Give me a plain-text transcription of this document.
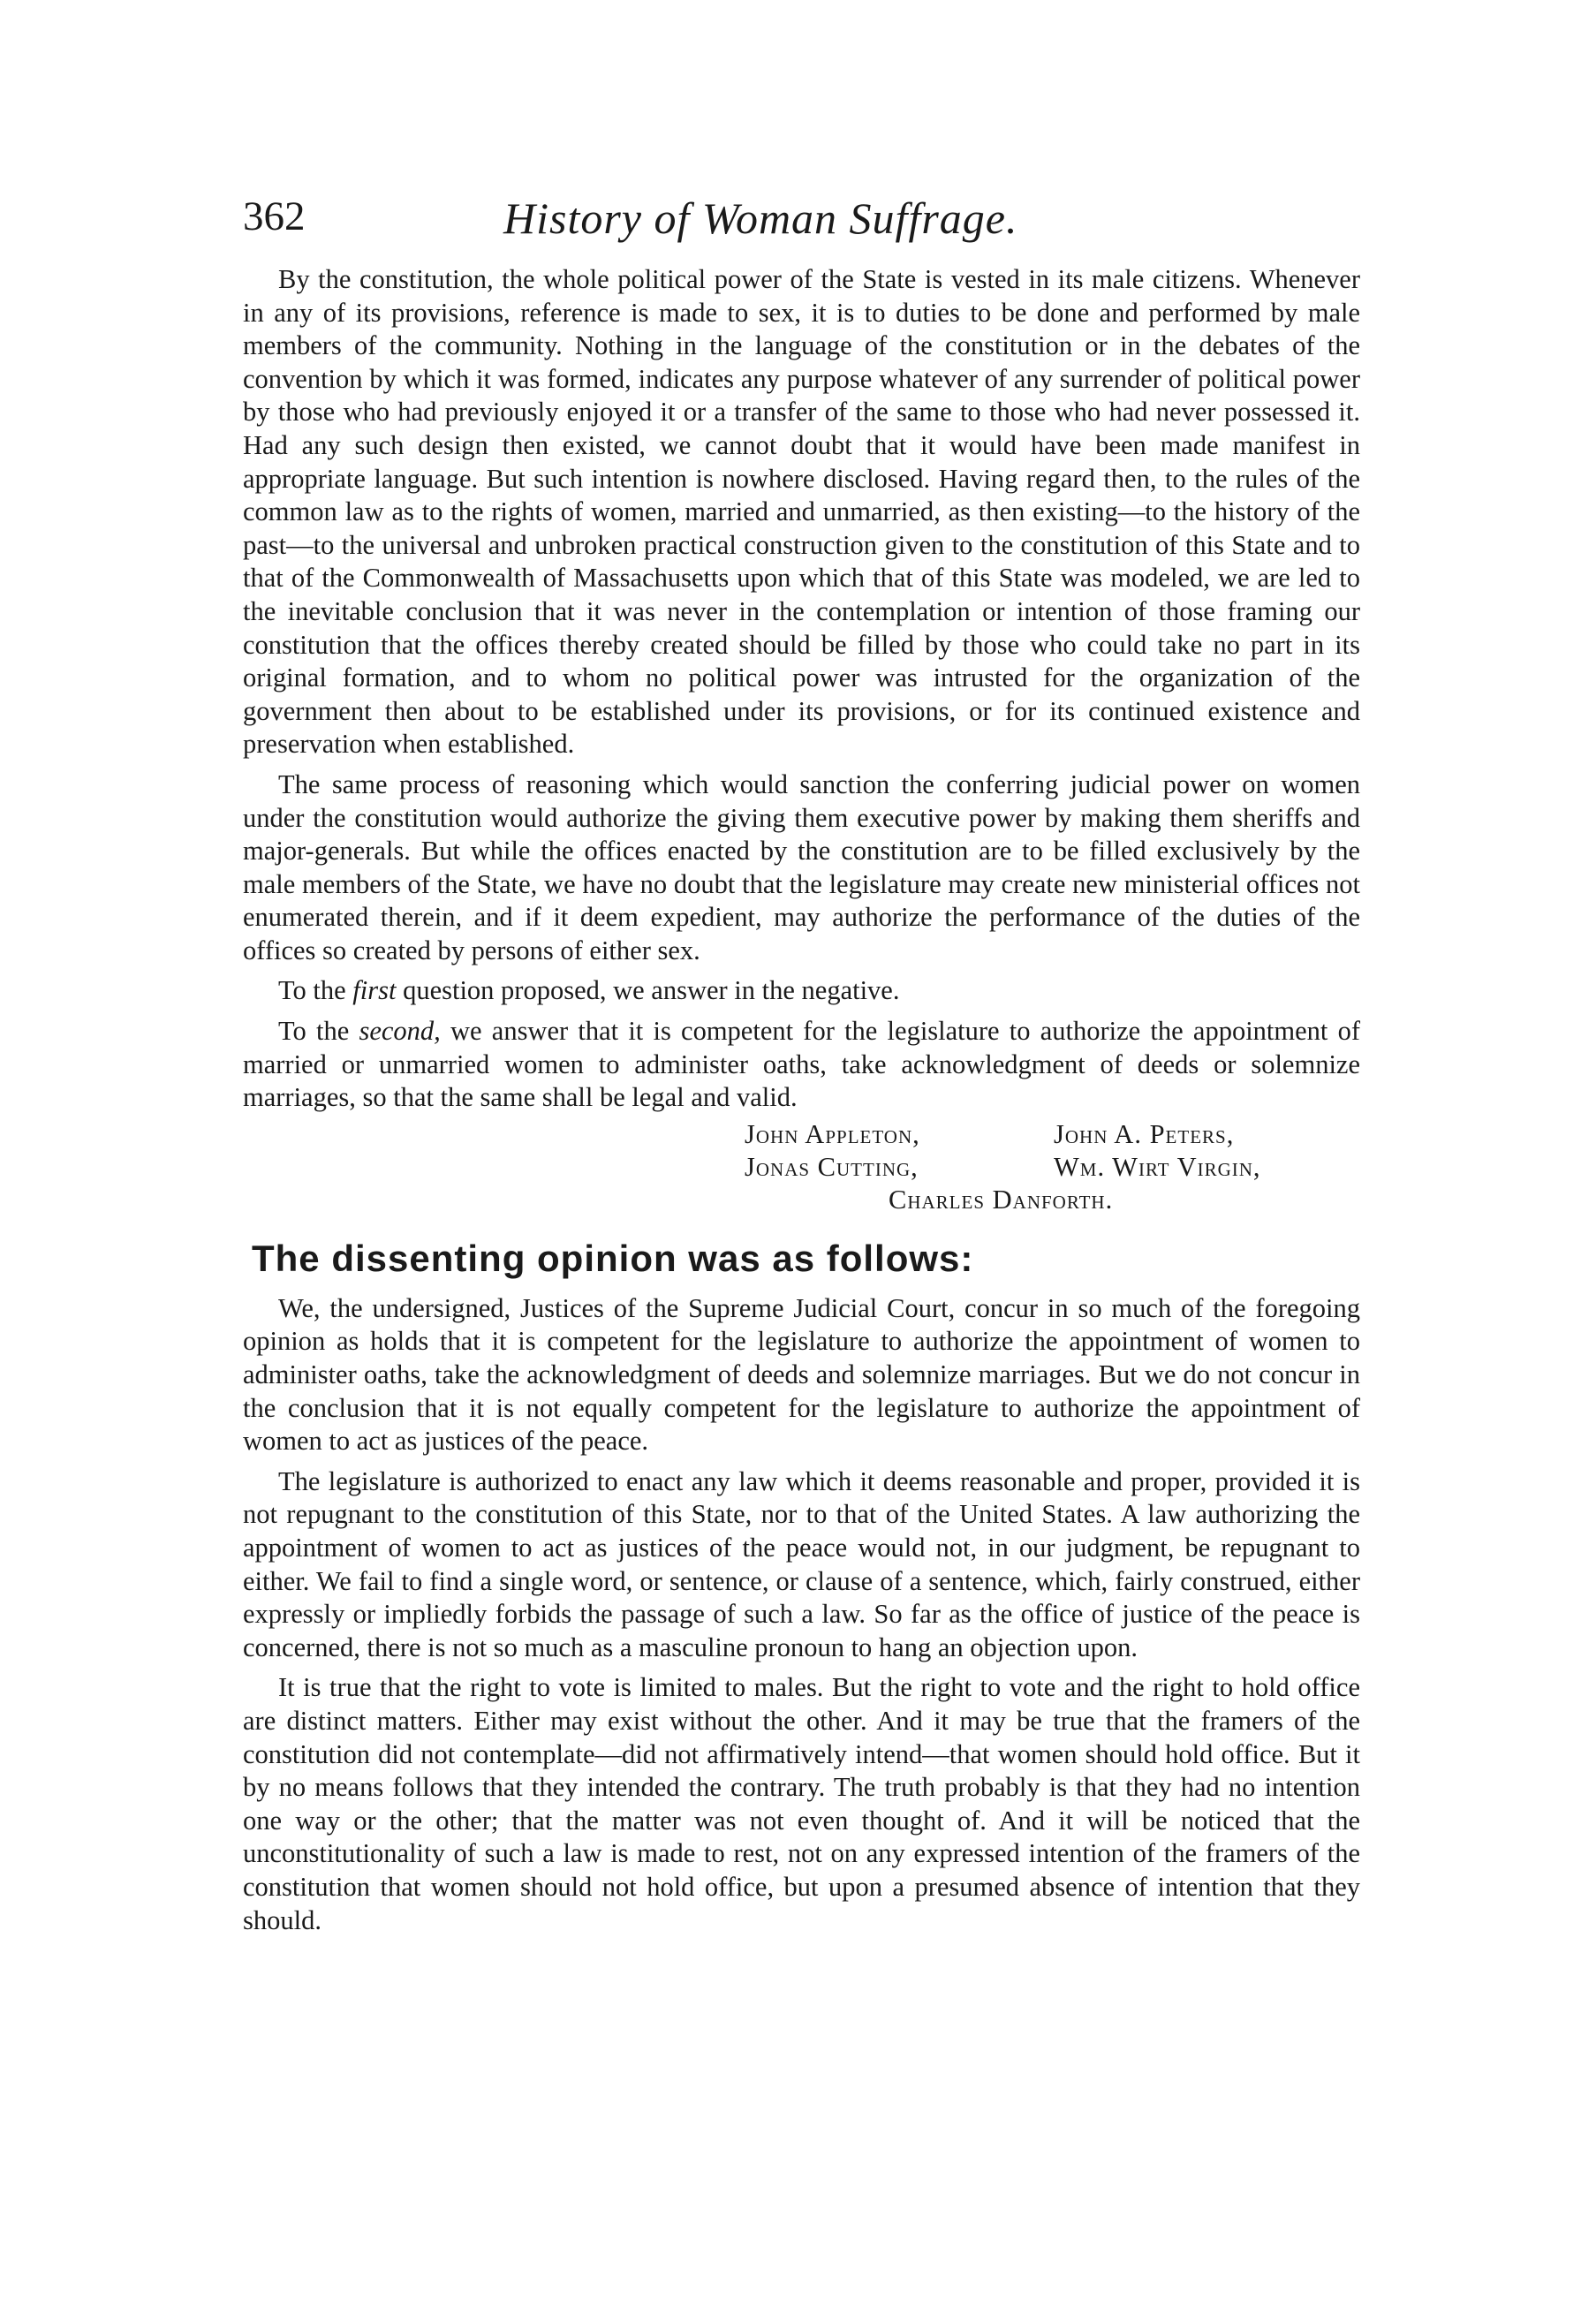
362	History of Woman Suffrage.

By the constitution, the whole political power of the State is vested in its male citizens. Whenever in any of its provisions, reference is made to sex, it is to duties to be done and performed by male members of the community. Nothing in the language of the constitution or in the debates of the convention by which it was formed, indicates any purpose whatever of any surrender of political power by those who had previously enjoyed it or a transfer of the same to those who had never possessed it. Had any such design then existed, we cannot doubt that it would have been made manifest in appropriate language. But such intention is nowhere disclosed. Having regard then, to the rules of the common law as to the rights of women, married and unmarried, as then existing—to the history of the past—to the universal and unbroken practical construction given to the constitution of this State and to that of the Commonwealth of Massachusetts upon which that of this State was modeled, we are led to the inevitable conclusion that it was never in the contemplation or intention of those framing our constitution that the offices thereby created should be filled by those who could take no part in its original formation, and to whom no political power was intrusted for the organization of the government then about to be established under its provisions, or for its continued existence and preservation when established.

The same process of reasoning which would sanction the conferring judicial power on women under the constitution would authorize the giving them executive power by making them sheriffs and major-generals. But while the offices enacted by the constitution are to be filled exclusively by the male members of the State, we have no doubt that the legislature may create new ministerial offices not enumerated therein, and if it deem expedient, may authorize the performance of the duties of the offices so created by persons of either sex.

To the first question proposed, we answer in the negative.

To the second, we answer that it is competent for the legislature to authorize the appointment of married or unmarried women to administer oaths, take acknowledgment of deeds or solemnize marriages, so that the same shall be legal and valid.

John Appleton,	John A. Peters,
Jonas Cutting,	Wm. Wirt Virgin,
Charles Danforth.
The dissenting opinion was as follows:

We, the undersigned, Justices of the Supreme Judicial Court, concur in so much of the foregoing opinion as holds that it is competent for the legislature to authorize the appointment of women to administer oaths, take the acknowledgment of deeds and solemnize marriages. But we do not concur in the conclusion that it is not equally competent for the legislature to authorize the appointment of women to act as justices of the peace.

The legislature is authorized to enact any law which it deems reasonable and proper, provided it is not repugnant to the constitution of this State, nor to that of the United States. A law authorizing the appointment of women to act as justices of the peace would not, in our judgment, be repugnant to either. We fail to find a single word, or sentence, or clause of a sentence, which, fairly construed, either expressly or impliedly forbids the passage of such a law. So far as the office of justice of the peace is concerned, there is not so much as a masculine pronoun to hang an objection upon.

It is true that the right to vote is limited to males. But the right to vote and the right to hold office are distinct matters. Either may exist without the other. And it may be true that the framers of the constitution did not contemplate—did not affirmatively intend—that women should hold office. But it by no means follows that they intended the contrary. The truth probably is that they had no intention one way or the other; that the matter was not even thought of. And it will be noticed that the unconstitutionality of such a law is made to rest, not on any expressed intention of the framers of the constitution that women should not hold office, but upon a presumed absence of intention that they should.
